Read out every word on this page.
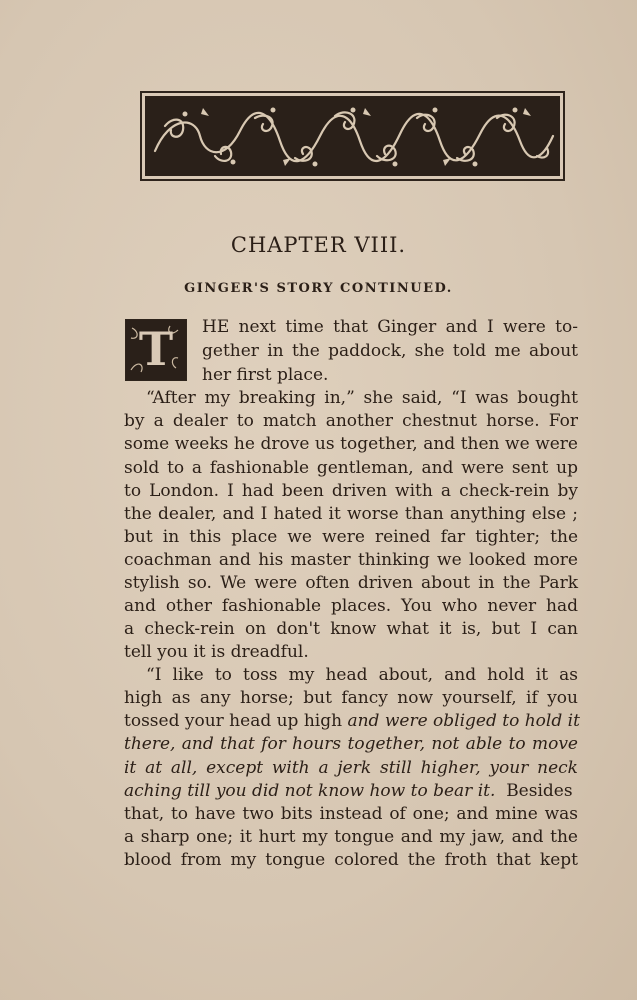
CHAPTER VIII.
GINGER'S STORY CONTINUED.
T	HE next time that Ginger and I were to-

gether in the paddock, she told me about

her first place.

“After my breaking in,” she said, “I was bought

by a dealer to match another chestnut horse. For

some weeks he drove us together, and then we were

sold to a fashionable gentleman, and were sent up

to London. I had been driven with a check-rein by

the dealer, and I hated it worse than anything else ;

but in this place we were reined far tighter; the

coachman and his master thinking we looked more

stylish so. We were often driven about in the Park

and other fashionable places. You who never had

a check-rein on don't know what it is, but I can

tell you it is dreadful.

“I like to toss my head about, and hold it as

high as any horse; but fancy now yourself, if you

tossed your head up high and were obliged to hold it

there, and that for hours together, not able to move

it at all, except with a jerk still higher, your neck

aching till you did not know how to bear it. Besides

that, to have two bits instead of one; and mine was

a sharp one; it hurt my tongue and my jaw, and the

blood from my tongue colored the froth that kept
